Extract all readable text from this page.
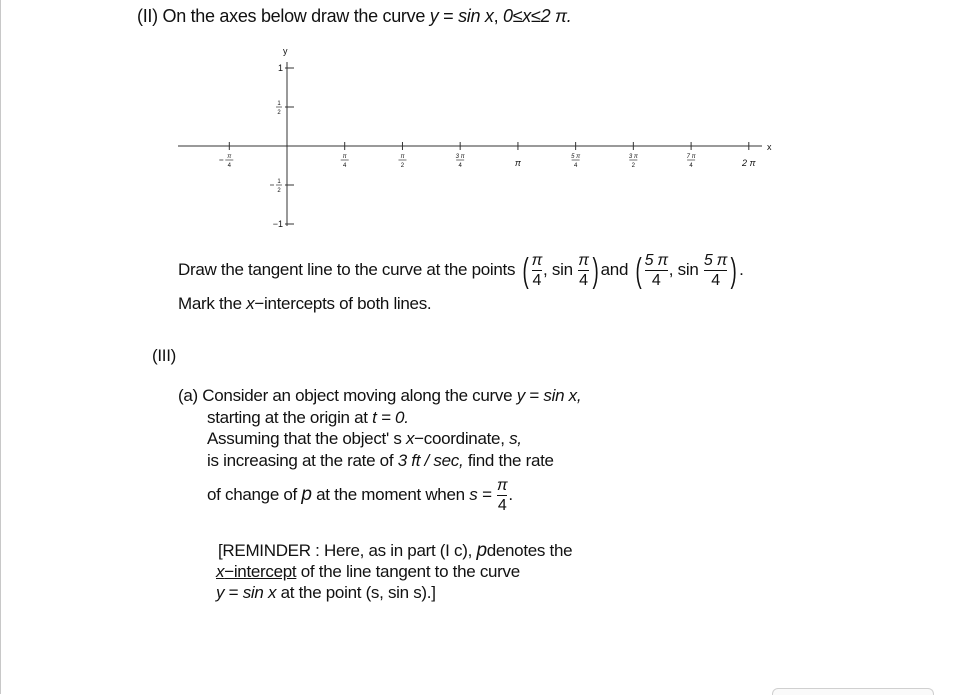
(II) On the axes below draw the curve y = sin x, 0≤x≤2 π.
x
y
π
4
π
4
π
2
3 π
4	π
5 π
4
3 π
2
7 π
4	2 π
1
1
2
1
2
−1
Draw the tangent line to the curve at the points ( $\frac{\pi}{4}$ , $\sin \frac{\pi}{4}$ ) and ( $\frac{5 \pi}{4}$ , $\sin \frac{5 \pi}{4}$ ) .
Mark the x−intercepts of both lines.
(III)
(a) Consider an object moving along the curve y = sin x,
starting at the origin at t = 0.
Assuming that the object' s x−coordinate, s,
is increasing at the rate of 3 ft / sec, find the rate
of change of p at the moment when $s = \frac{\pi}{4}$ .
[REMINDER : Here, as in part (I c), pdenotes the
x−intercept of the line tangent to the curve
y = sin x at the point (s, sin s).]
